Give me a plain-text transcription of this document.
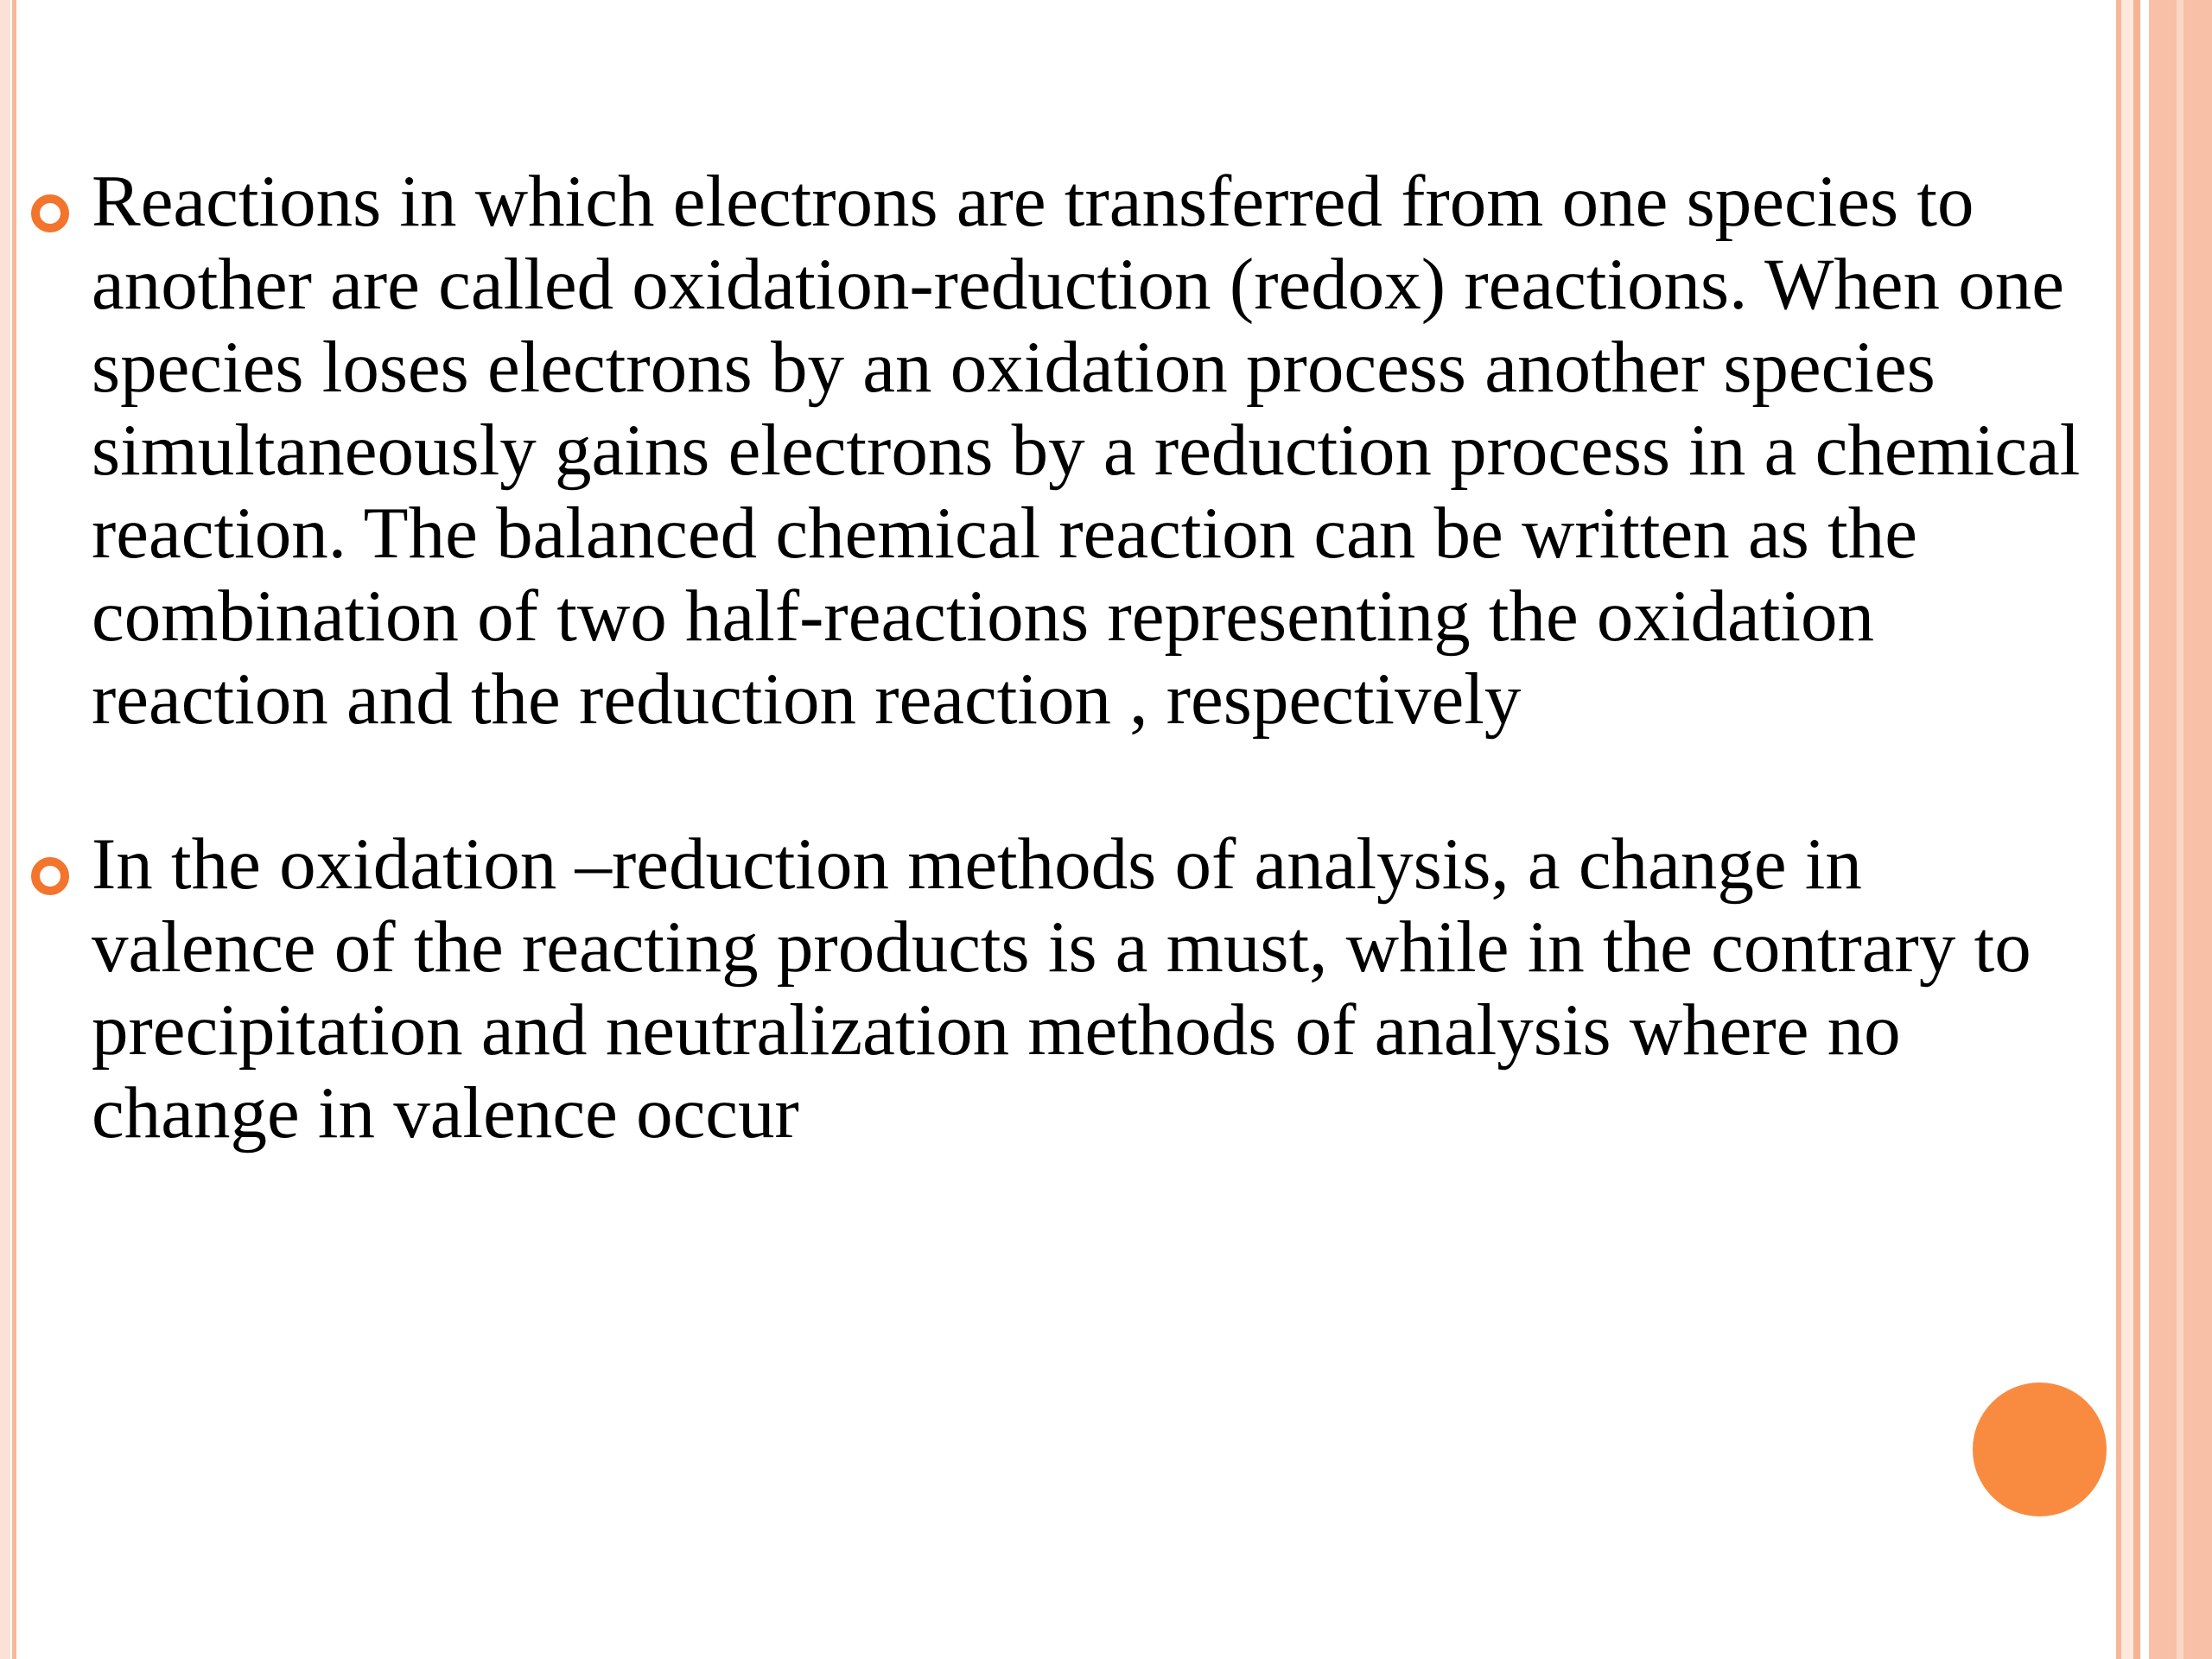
Reactions in which electrons are transferred from one species to another are called oxidation-reduction (redox) reactions. When one species loses electrons by an oxidation process another species simultaneously gains electrons by a reduction process in a chemical reaction. The balanced chemical reaction can be written as the combination of two half-reactions representing the oxidation reaction and the reduction reaction , respectively
In the oxidation –reduction methods of analysis, a change in valence of the reacting products is a must, while in the contrary to precipitation and neutralization methods of analysis where no change in valence occur
